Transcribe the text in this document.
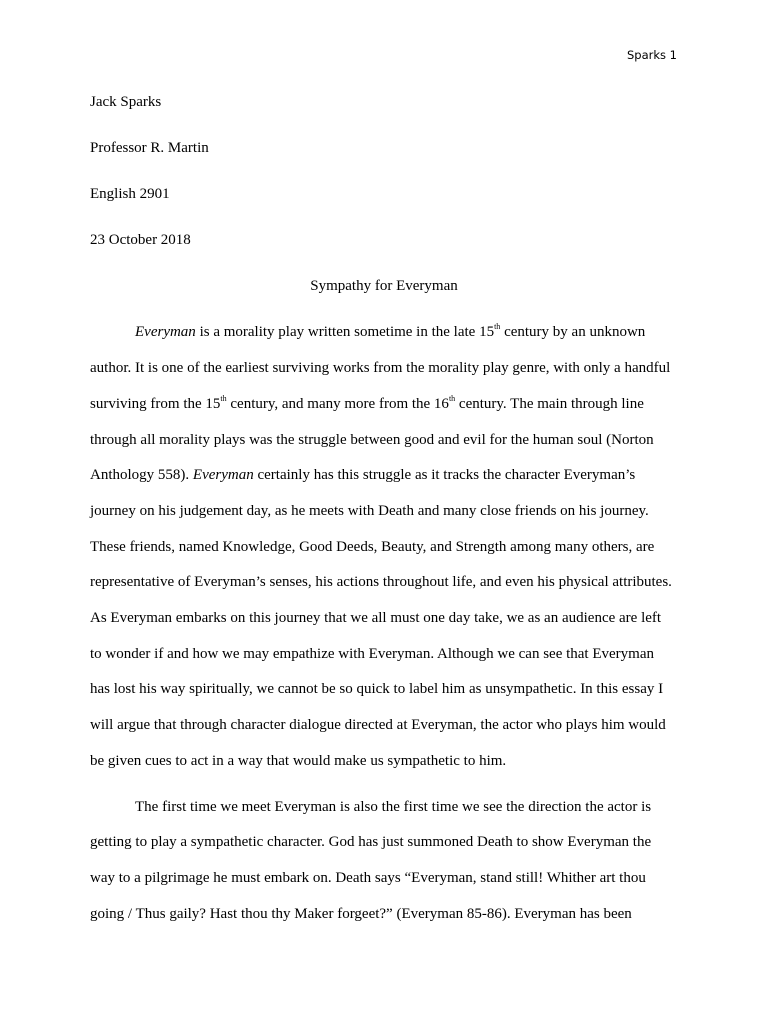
Sparks 1
Jack Sparks
Professor R. Martin
English 2901
23 October 2018
Sympathy for Everyman
Everyman is a morality play written sometime in the late 15th century by an unknown
author. It is one of the earliest surviving works from the morality play genre, with only a handful
surviving from the 15th century, and many more from the 16th century. The main through line
through all morality plays was the struggle between good and evil for the human soul (Norton
Anthology 558). Everyman certainly has this struggle as it tracks the character Everyman’s
journey on his judgement day, as he meets with Death and many close friends on his journey.
These friends, named Knowledge, Good Deeds, Beauty, and Strength among many others, are
representative of Everyman’s senses, his actions throughout life, and even his physical attributes.
As Everyman embarks on this journey that we all must one day take, we as an audience are left
to wonder if and how we may empathize with Everyman. Although we can see that Everyman
has lost his way spiritually, we cannot be so quick to label him as unsympathetic. In this essay I
will argue that through character dialogue directed at Everyman, the actor who plays him would
be given cues to act in a way that would make us sympathetic to him.
The first time we meet Everyman is also the first time we see the direction the actor is
getting to play a sympathetic character. God has just summoned Death to show Everyman the
way to a pilgrimage he must embark on. Death says “Everyman, stand still! Whither art thou
going / Thus gaily? Hast thou thy Maker forgeet?” (Everyman 85-86). Everyman has been
